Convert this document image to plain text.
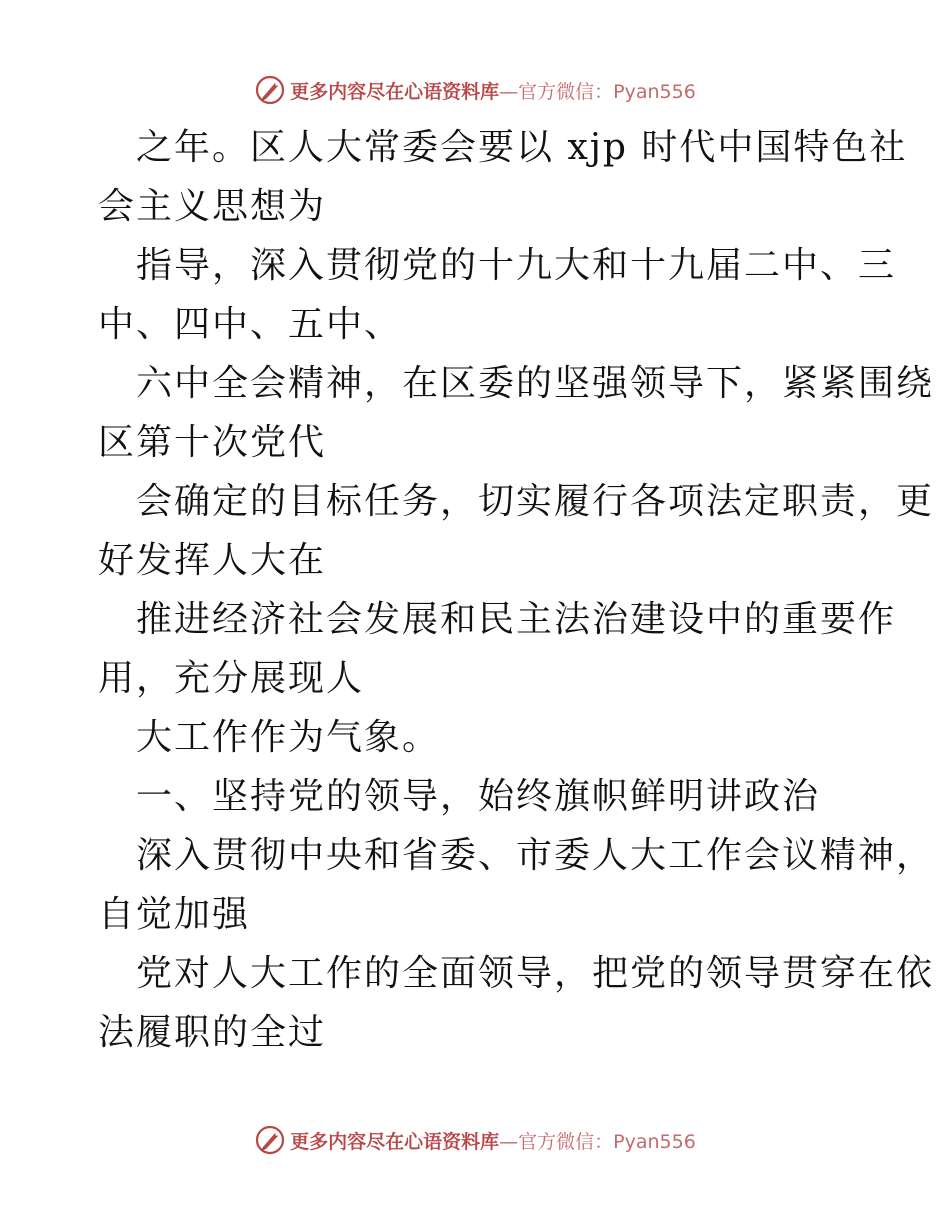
更多内容尽在心语资料库—官方微信：Pyan556
之年。区人大常委会要以 xjp 时代中国特色社
会主义思想为
指导，深入贯彻党的十九大和十九届二中、三
中、四中、五中、
六中全会精神，在区委的坚强领导下，紧紧围绕
区第十次党代
会确定的目标任务，切实履行各项法定职责，更
好发挥人大在
推进经济社会发展和民主法治建设中的重要作
用，充分展现人
大工作作为气象。
一、坚持党的领导，始终旗帜鲜明讲政治
深入贯彻中央和省委、市委人大工作会议精神，
自觉加强
党对人大工作的全面领导，把党的领导贯穿在依
法履职的全过
更多内容尽在心语资料库—官方微信：Pyan556
